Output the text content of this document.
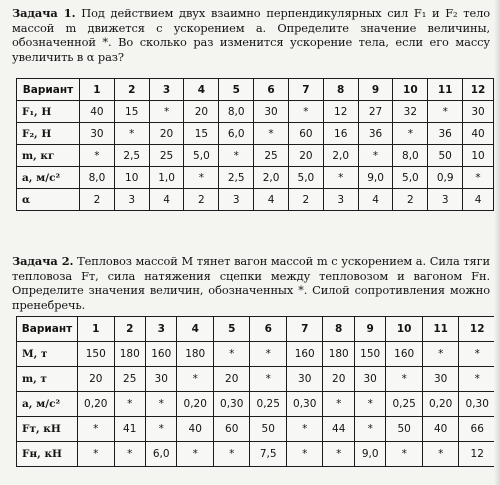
Задача 1. Под действием двух взаимно перпендикулярных сил F₁ и F₂ тело массой m движется с ускорением a. Определите значение величины, обозначенной *. Во сколько раз изменится ускорение тела, если его массу увеличить в α раз?

Вариант	1	2	3	4	5	6	7	8	9	10	11	12
F₁, Н	40	15	*	20	8,0	30	*	12	27	32	*	30
F₂, Н	30	*	20	15	6,0	*	60	16	36	*	36	40
m, кг	*	2,5	25	5,0	*	25	20	2,0	*	8,0	50	10
a, м/с²	8,0	10	1,0	*	2,5	2,0	5,0	*	9,0	5,0	0,9	*
α	2	3	4	2	3	4	2	3	4	2	3	4

Задача 2. Тепловоз массой M тянет вагон массой m с ускорением a. Сила тяги тепловоза Fт, сила натяжения сцепки между тепловозом и вагоном Fн. Определите значения величин, обозначенных *. Силой сопротивления можно пренебречь.

Вариант	1	2	3	4	5	6	7	8	9	10	11	12
M, т	150	180	160	180	*	*	160	180	150	160	*	*
m, т	20	25	30	*	20	*	30	20	30	*	30	*
a, м/с²	0,20	*	*	0,20	0,30	0,25	0,30	*	*	0,25	0,20	0,30
Fт, кН	*	41	*	40	60	50	*	44	*	50	40	66
Fн, кН	*	*	6,0	*	*	7,5	*	*	9,0	*	*	12
